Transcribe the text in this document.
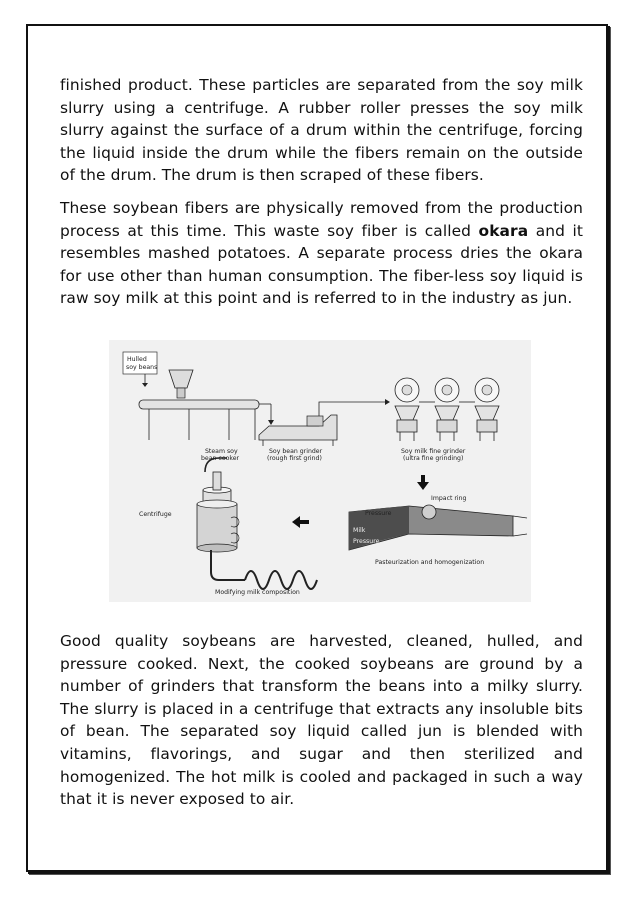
finished product. These particles are separated from the soy milk slurry using a centrifuge. A rubber roller presses the soy milk slurry against the surface of a drum within the centrifuge, forcing the liquid inside the drum while the fibers remain on the outside of the drum. The drum is then scraped of these fibers.

These soybean fibers are physically removed from the production process at this time. This waste soy fiber is called okara and it resembles mashed potatoes. A separate process dries the okara for use other than human consumption. The fiber-less soy liquid is raw soy milk at this point and is referred to in the industry as jun.

Hulled
soy beans
Steam soy
bean cooker
Soy bean grinder
(rough first grind)
Soy milk fine grinder
(ultra fine grinding)
Pressure
Impact ring
Milk
Pressure
Pasteurization and homogenization
Centrifuge
Modifying milk composition

Good quality soybeans are harvested, cleaned, hulled, and pressure cooked. Next, the cooked soybeans are ground by a number of grinders that transform the beans into a milky slurry. The slurry is placed in a centrifuge that extracts any insoluble bits of bean. The separated soy liquid called jun is blended with vitamins, flavorings, and sugar and then sterilized and homogenized. The hot milk is cooled and packaged in such a way that it is never exposed to air.
